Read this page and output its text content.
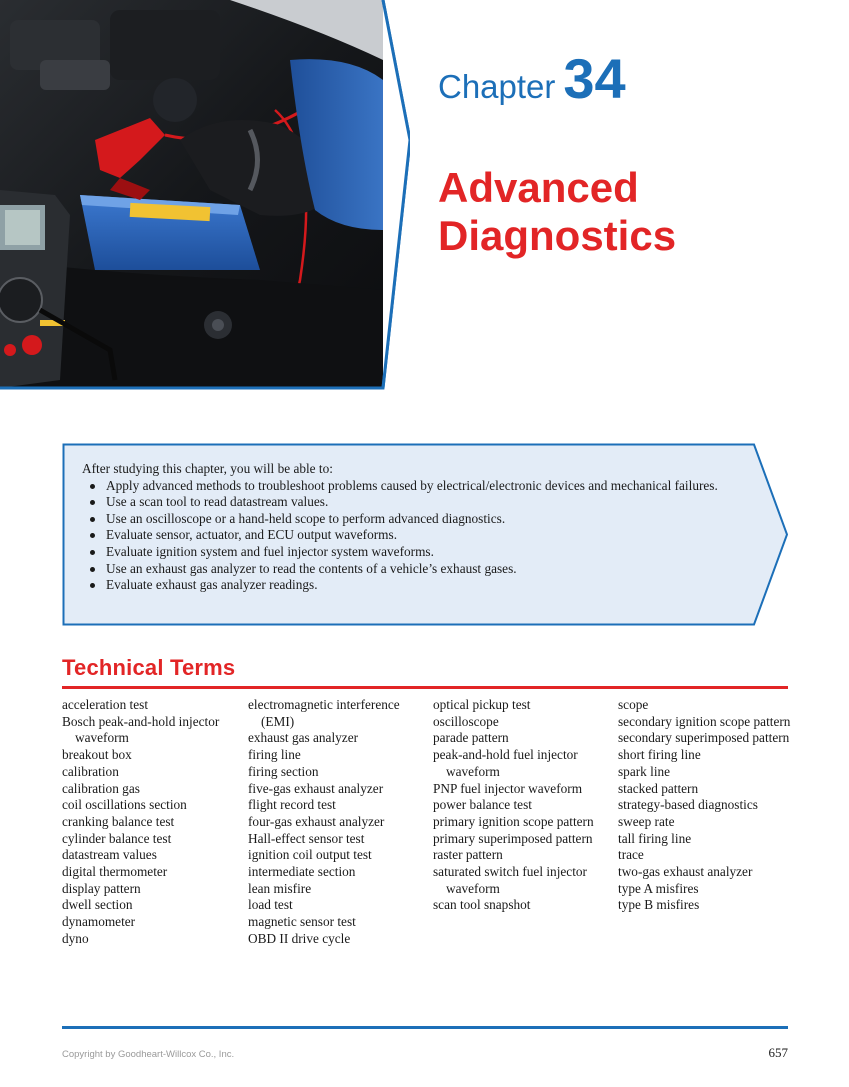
Chapter 34
Advanced
Diagnostics

After studying this chapter, you will be able to:

Apply advanced methods to troubleshoot problems caused by electrical/electronic devices and mechanical failures.
Use a scan tool to read datastream values.
Use an oscilloscope or a hand-held scope to perform advanced diagnostics.
Evaluate sensor, actuator, and ECU output waveforms.
Evaluate ignition system and fuel injector system waveforms.
Use an exhaust gas analyzer to read the contents of a vehicle’s exhaust gases.
Evaluate exhaust gas analyzer readings.
Technical Terms
acceleration test
Bosch peak-and-hold injector waveform
breakout box
calibration
calibration gas
coil oscillations section
cranking balance test
cylinder balance test
datastream values
digital thermometer
display pattern
dwell section
dynamometer
dyno
electromagnetic interference (EMI)
exhaust gas analyzer
firing line
firing section
five-gas exhaust analyzer
flight record test
four-gas exhaust analyzer
Hall-effect sensor test
ignition coil output test
intermediate section
lean misfire
load test
magnetic sensor test
OBD II drive cycle
optical pickup test
oscilloscope
parade pattern
peak-and-hold fuel injector waveform
PNP fuel injector waveform
power balance test
primary ignition scope pattern
primary superimposed pattern
raster pattern
saturated switch fuel injector waveform
scan tool snapshot
scope
secondary ignition scope pattern
secondary superimposed pattern
short firing line
spark line
stacked pattern
strategy-based diagnostics
sweep rate
tall firing line
trace
two-gas exhaust analyzer
type A misfires
type B misfires
Copyright by Goodheart-Willcox Co., Inc.	657
